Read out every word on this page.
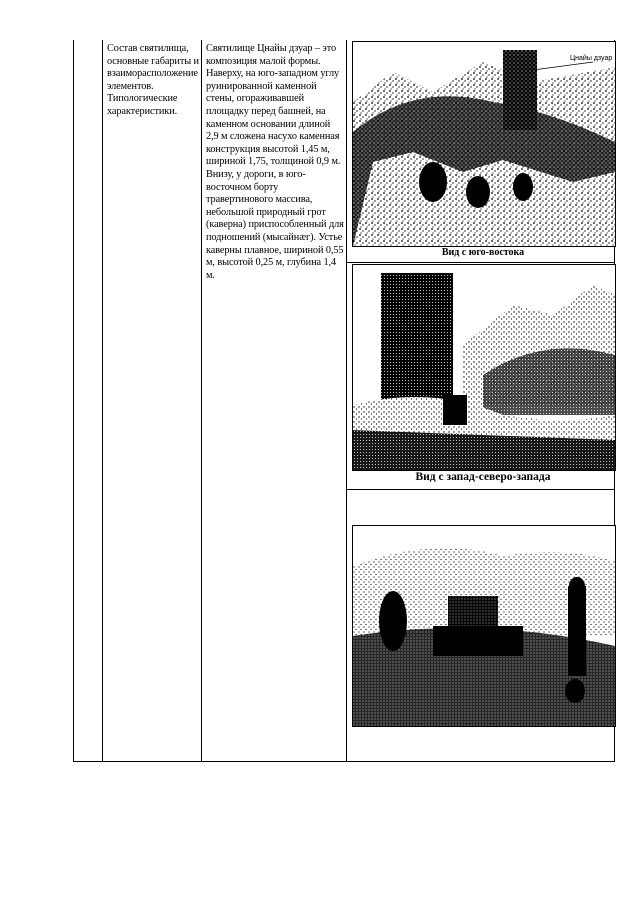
Состав святилища, основные габариты и взаиморасположение элементов. Типологические характеристики.

Святилище Цнайы дзуар – это композиция малой формы. Наверху, на юго-западном углу руинированной каменной стены, огораживавшей площадку перед башней, на каменном основании длиной 2,9 м сложена насухо каменная конструкция высотой 1,45 м, шириной 1,75, толщиной 0,9 м.

Внизу, у дороги, в юго-восточном борту травертинового массива, небольшой природный грот (каверна) приспособленный для подношений (мысайнæг). Устье каверны плавное, шириной 0,55 м, высотой 0,25 м, глубина 1,4 м.

Цнайы дзуар
Вид с юго-востока
Вид с запад-северо-запада
